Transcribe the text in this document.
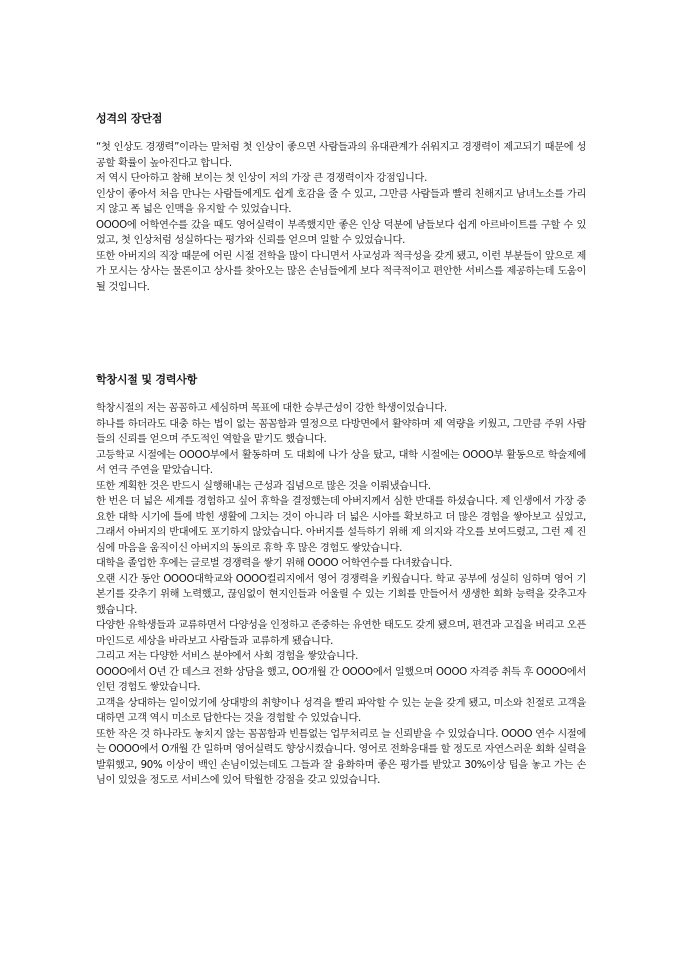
성격의 장단점

“첫 인상도 경쟁력”이라는 말처럼 첫 인상이 좋으면 사람들과의 유대관계가 쉬워지고 경쟁력이 제고되기 때문에 성공할 확률이 높아진다고 합니다.

저 역시 단아하고 참해 보이는 첫 인상이 저의 가장 큰 경쟁력이자 강점입니다.

인상이 좋아서 처음 만나는 사람들에게도 쉽게 호감을 줄 수 있고, 그만큼 사람들과 빨리 친해지고 남녀노소를 가리지 않고 폭 넓은 인맥을 유지할 수 있었습니다.

OOOO에 어학연수를 갔을 때도 영어실력이 부족했지만 좋은 인상 덕분에 남들보다 쉽게 아르바이트를 구할 수 있었고, 첫 인상처럼 성실하다는 평가와 신뢰를 얻으며 일할 수 있었습니다.

또한 아버지의 직장 때문에 어린 시절 전학을 많이 다니면서 사교성과 적극성을 갖게 됐고, 이런 부분들이 앞으로 제가 모시는 상사는 물론이고 상사를 찾아오는 많은 손님들에게 보다 적극적이고 편안한 서비스를 제공하는데 도움이 될 것입니다.

학창시절 및 경력사항

학창시절의 저는 꼼꼼하고 세심하며 목표에 대한 승부근성이 강한 학생이었습니다.

하나를 하더라도 대충 하는 법이 없는 꼼꼼함과 열정으로 다방면에서 활약하며 제 역량을 키웠고, 그만큼 주위 사람들의 신뢰를 얻으며 주도적인 역할을 맡기도 했습니다.

고등학교 시절에는 OOOO부에서 활동하며 도 대회에 나가 상을 탔고, 대학 시절에는 OOOO부 활동으로 학술제에서 연극 주연을 맡았습니다.

또한 계획한 것은 반드시 실행해내는 근성과 집념으로 많은 것을 이뤄냈습니다.

한 번은 더 넓은 세계를 경험하고 싶어 휴학을 결정했는데 아버지께서 심한 반대를 하셨습니다. 제 인생에서 가장 중요한 대학 시기에 틀에 박힌 생활에 그치는 것이 아니라 더 넓은 시야를 확보하고 더 많은 경험을 쌓아보고 싶었고, 그래서 아버지의 반대에도 포기하지 않았습니다. 아버지를 설득하기 위해 제 의지와 각오를 보여드렸고, 그런 제 진심에 마음을 움직이신 아버지의 동의로 휴학 후 많은 경험도 쌓았습니다.

대학을 졸업한 후에는 글로벌 경쟁력을 쌓기 위해 OOOO 어학연수를 다녀왔습니다.

오랜 시간 동안 OOOO대학교와 OOOO컬리지에서 영어 경쟁력을 키웠습니다. 학교 공부에 성실히 임하며 영어 기본기를 갖추기 위해 노력했고, 끊임없이 현지인들과 어울릴 수 있는 기회를 만들어서 생생한 회화 능력을 갖추고자 했습니다.

다양한 유학생들과 교류하면서 다양성을 인정하고 존중하는 유연한 태도도 갖게 됐으며, 편견과 고집을 버리고 오픈 마인드로 세상을 바라보고 사람들과 교류하게 됐습니다.

그리고 저는 다양한 서비스 분야에서 사회 경험을 쌓았습니다.

OOOO에서 O년 간 데스크 전화 상담을 했고, OO개월 간 OOOO에서 일했으며 OOOO 자격증 취득 후 OOOO에서 인턴 경험도 쌓았습니다.

고객을 상대하는 일이었기에 상대방의 취향이나 성격을 빨리 파악할 수 있는 눈을 갖게 됐고, 미소와 친절로 고객을 대하면 고객 역시 미소로 답한다는 것을 경험할 수 있었습니다.

또한 작은 것 하나라도 놓치지 않는 꼼꼼함과 빈틈없는 업무처리로 늘 신뢰받을 수 있었습니다. OOOO 연수 시절에는 OOOO에서 O개월 간 일하며 영어실력도 향상시켰습니다. 영어로 전화응대를 할 정도로 자연스러운 회화 실력을 발휘했고, 90% 이상이 백인 손님이었는데도 그들과 잘 융화하며 좋은 평가를 받았고 30%이상 팁을 놓고 가는 손님이 있었을 정도로 서비스에 있어 탁월한 강점을 갖고 있었습니다.
